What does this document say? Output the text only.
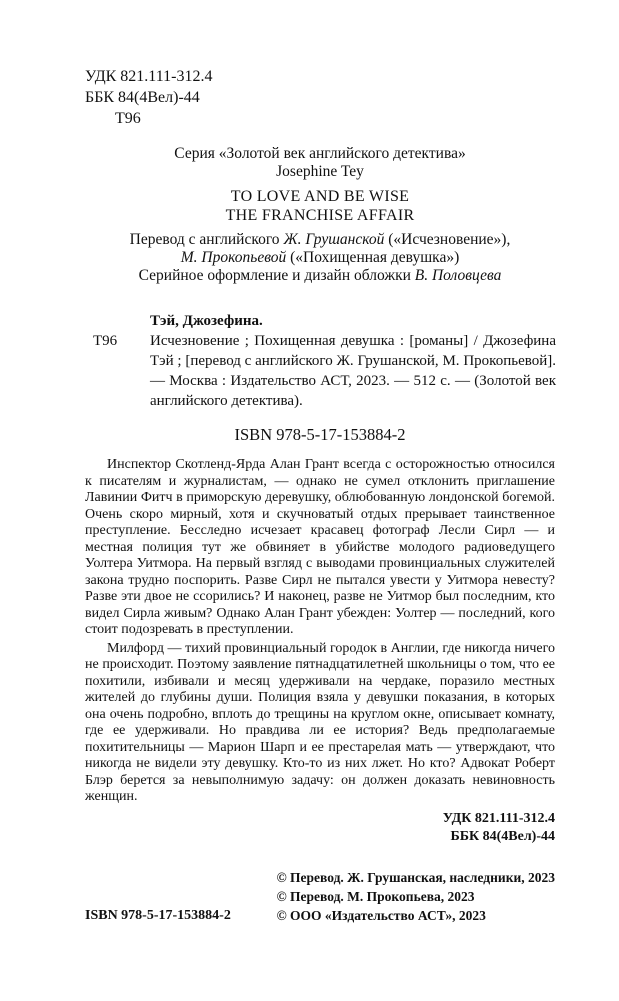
УДК 821.111-312.4
ББК 84(4Вел)-44
Т96
Серия «Золотой век английского детектива»
Josephine Tey
TO LOVE AND BE WISE
THE FRANCHISE AFFAIR
Перевод с английского Ж. Грушанской («Исчезновение»),
М. Прокопьевой («Похищенная девушка»)
Серийное оформление и дизайн обложки В. Половцева
Тэй, Джозефина.
Т96 Исчезновение ; Похищенная девушка : [романы] / Джозефина Тэй ; [перевод с английского Ж. Грушанской, М. Прокопьевой]. — Москва : Издательство АСТ, 2023. — 512 с. — (Золотой век английского детектива).

ISBN 978-5-17-153884-2

Инспектор Скотленд-Ярда Алан Грант всегда с осторожностью относился к писателям и журналистам, — однако не сумел отклонить приглашение Лавинии Фитч в приморскую деревушку, облюбованную лондонской богемой. Очень скоро мирный, хотя и скучноватый отдых прерывает таинственное преступление. Бесследно исчезает красавец фотограф Лесли Сирл — и местная полиция тут же обвиняет в убийстве молодого радиоведущего Уолтера Уитмора. На первый взгляд с выводами провинциальных служителей закона трудно поспорить. Разве Сирл не пытался увести у Уитмора невесту? Разве эти двое не ссорились? И наконец, разве не Уитмор был последним, кто видел Сирла живым? Однако Алан Грант убежден: Уолтер — последний, кого стоит подозревать в преступлении.

Милфорд — тихий провинциальный городок в Англии, где никогда ничего не происходит. Поэтому заявление пятнадцатилетней школьницы о том, что ее похитили, избивали и месяц удерживали на чердаке, поразило местных жителей до глубины души. Полиция взяла у девушки показания, в которых она очень подробно, вплоть до трещины на круглом окне, описывает комнату, где ее удерживали. Но правдива ли ее история? Ведь предполагаемые похитительницы — Марион Шарп и ее престарелая мать — утверждают, что никогда не видели эту девушку. Кто-то из них лжет. Но кто? Адвокат Роберт Блэр берется за невыполнимую задачу: он должен доказать невиновность женщин.

УДК 821.111-312.4
ББК 84(4Вел)-44
ISBN 978-5-17-153884-2
© Перевод. Ж. Грушанская, наследники, 2023
© Перевод. М. Прокопьева, 2023
© ООО «Издательство АСТ», 2023
